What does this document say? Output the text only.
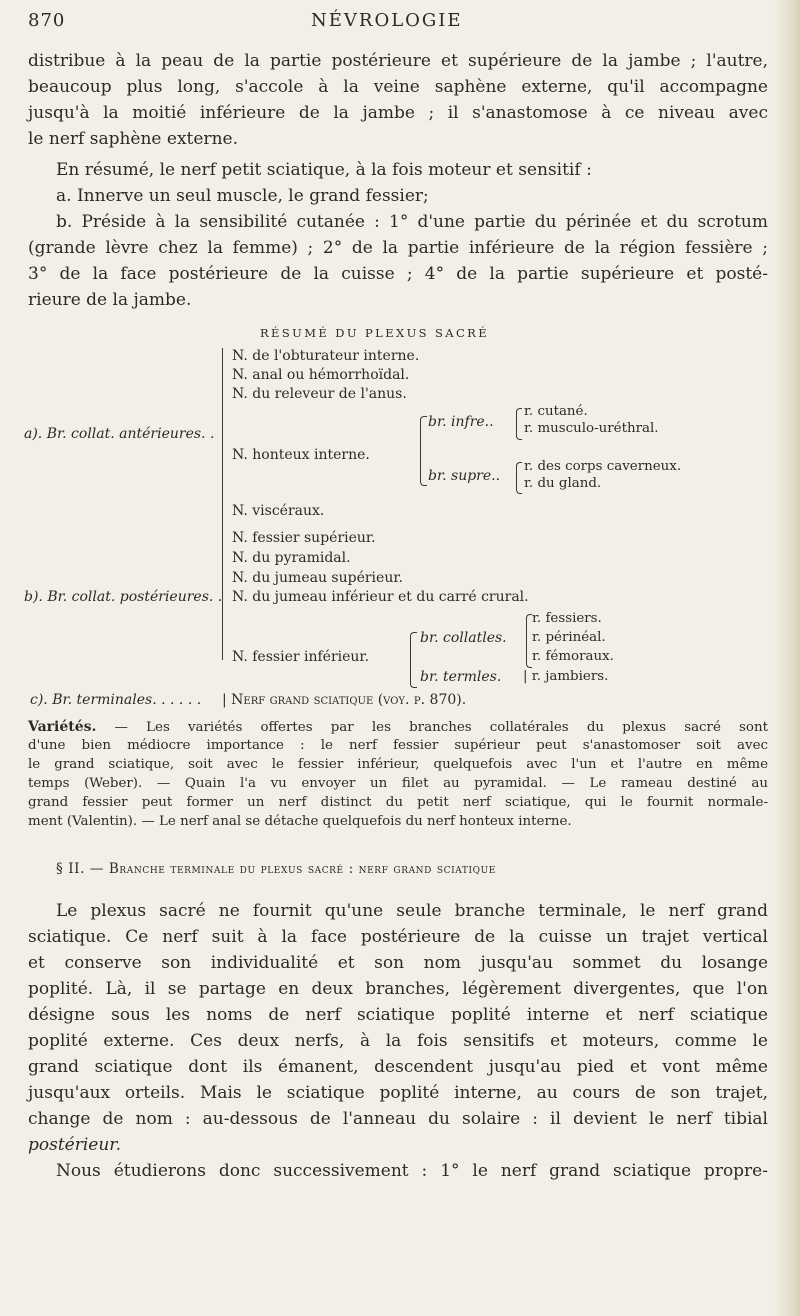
870	NÉVROLOGIE
distribue à la peau de la partie postérieure et supérieure de la jambe ; l'autre,
beaucoup plus long, s'accole à la veine saphène externe, qu'il accompagne
jusqu'à la moitié inférieure de la jambe ; il s'anastomose à ce niveau avec
le nerf saphène externe.
En résumé, le nerf petit sciatique, à la fois moteur et sensitif :
a. Innerve un seul muscle, le grand fessier;
b. Préside à la sensibilité cutanée : 1° d'une partie du périnée et du scrotum
(grande lèvre chez la femme) ; 2° de la partie inférieure de la région fessière ;
3° de la face postérieure de la cuisse ; 4° de la partie supérieure et posté-
rieure de la jambe.
RÉSUMÉ DU PLEXUS SACRÉ
a). Br. collat. antérieures. .
N. de l'obturateur interne.
N. anal ou hémorrhoïdal.
N. du releveur de l'anus.
N. honteux interne.
N. viscéraux.
br. infre..
br. supre..
r. cutané.
r. musculo-uréthral.
r. des corps caverneux.
r. du gland.
b). Br. collat. postérieures. .
N. fessier supérieur.
N. du pyramidal.
N. du jumeau supérieur.
N. du jumeau inférieur et du carré crural.
N. fessier inférieur.
br. collatles.
br. termles.
r. fessiers.
r. périnéal.
r. fémoraux.
| r. jambiers.
c). Br. terminales. . . . . . | Nerf grand sciatique (voy. p. 870).
Variétés. — Les variétés offertes par les branches collatérales du plexus sacré sont
d'une bien médiocre importance : le nerf fessier supérieur peut s'anastomoser soit avec
le grand sciatique, soit avec le fessier inférieur, quelquefois avec l'un et l'autre en même
temps (Weber). — Quain l'a vu envoyer un filet au pyramidal. — Le rameau destiné au
grand fessier peut former un nerf distinct du petit nerf sciatique, qui le fournit normale-
ment (Valentin). — Le nerf anal se détache quelquefois du nerf honteux interne.
§ II. — Branche terminale du plexus sacré : nerf grand sciatique
Le plexus sacré ne fournit qu'une seule branche terminale, le nerf grand
sciatique. Ce nerf suit à la face postérieure de la cuisse un trajet vertical
et conserve son individualité et son nom jusqu'au sommet du losange
poplité. Là, il se partage en deux branches, légèrement divergentes, que l'on
désigne sous les noms de nerf sciatique poplité interne et nerf sciatique
poplité externe. Ces deux nerfs, à la fois sensitifs et moteurs, comme le
grand sciatique dont ils émanent, descendent jusqu'au pied et vont même
jusqu'aux orteils. Mais le sciatique poplité interne, au cours de son trajet,
change de nom : au-dessous de l'anneau du solaire : il devient le nerf tibial
postérieur.
Nous étudierons donc successivement : 1° le nerf grand sciatique propre-
